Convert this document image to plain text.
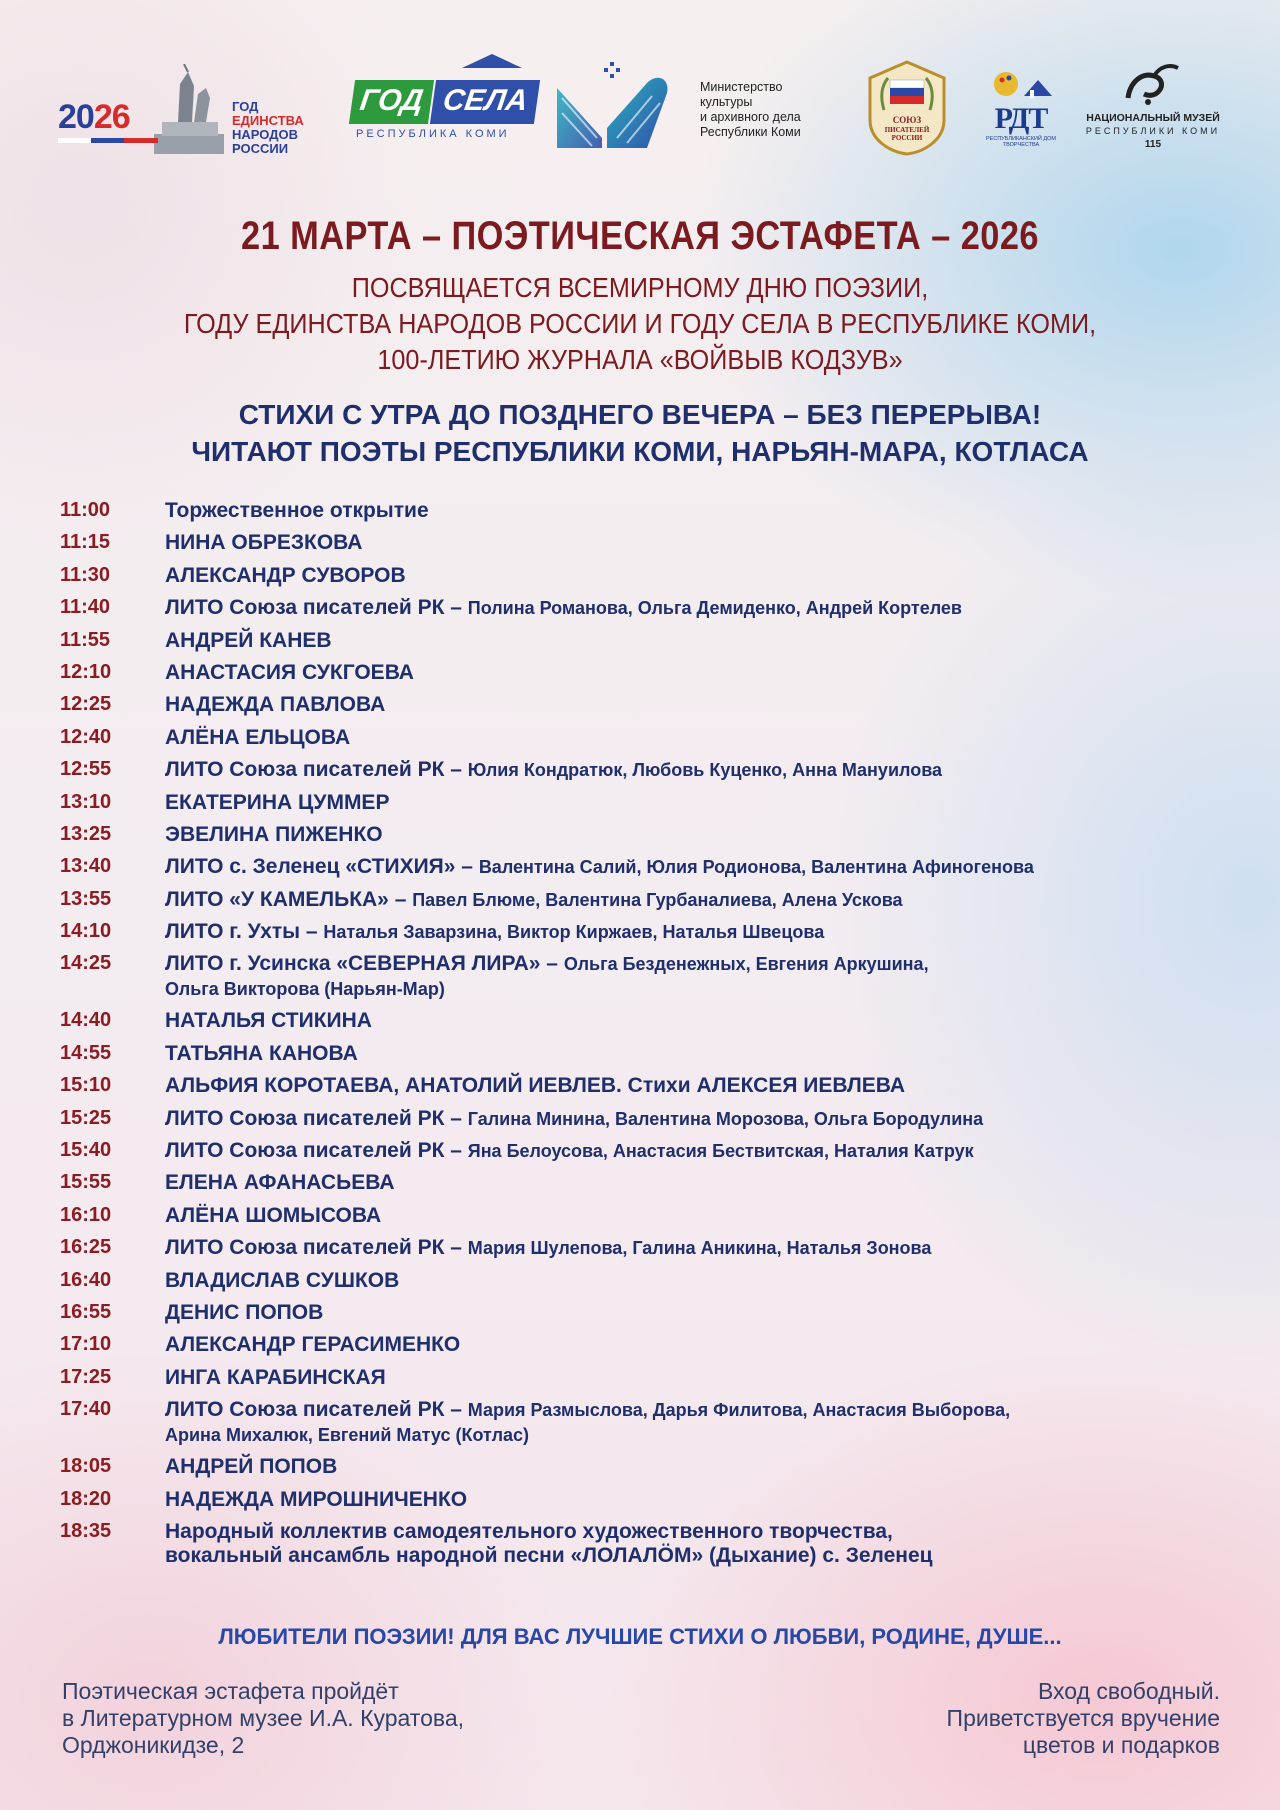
2026	ГОД
ЕДИНСТВА
НАРОДОВ
РОССИИ
ГОД СЕЛА
РЕСПУБЛИКА КОМИ
Министерство
культуры
и архивного дела
Республики Коми
СОЮЗ
ПИСАТЕЛЕЙ
РОССИИ
РДТ
РЕСПУБЛИКАНСКИЙ ДОМ ТВОРЧЕСТВА
НАЦИОНАЛЬНЫЙ МУЗЕЙ
РЕСПУБЛИКИ КОМИ
115
21 МАРТА – ПОЭТИЧЕСКАЯ ЭСТАФЕТА – 2026
ПОСВЯЩАЕТСЯ ВСЕМИРНОМУ ДНЮ ПОЭЗИИ,
ГОДУ ЕДИНСТВА НАРОДОВ РОССИИ И ГОДУ СЕЛА В РЕСПУБЛИКЕ КОМИ,
100-ЛЕТИЮ ЖУРНАЛА «ВОЙВЫВ КОДЗУВ»
СТИХИ С УТРА ДО ПОЗДНЕГО ВЕЧЕРА – БЕЗ ПЕРЕРЫВА!
ЧИТАЮТ ПОЭТЫ РЕСПУБЛИКИ КОМИ, НАРЬЯН-МАРА, КОТЛАСА
11:00	Торжественное открытие
11:15	НИНА ОБРЕЗКОВА
11:30	АЛЕКСАНДР СУВОРОВ
11:40	ЛИТО Союза писателей РК – Полина Романова, Ольга Демиденко, Андрей Кортелев
11:55	АНДРЕЙ КАНЕВ
12:10	АНАСТАСИЯ СУКГОЕВА
12:25	НАДЕЖДА ПАВЛОВА
12:40	АЛЁНА ЕЛЬЦОВА
12:55	ЛИТО Союза писателей РК – Юлия Кондратюк, Любовь Куценко, Анна Мануилова
13:10	ЕКАТЕРИНА ЦУММЕР
13:25	ЭВЕЛИНА ПИЖЕНКО
13:40	ЛИТО с. Зеленец «СТИХИЯ» – Валентина Салий, Юлия Родионова, Валентина Афиногенова
13:55	ЛИТО «У КАМЕЛЬКА» – Павел Блюме, Валентина Гурбаналиева, Алена Ускова
14:10	ЛИТО г. Ухты – Наталья Заварзина, Виктор Киржаев, Наталья Швецова
14:25	ЛИТО г. Усинска «СЕВЕРНАЯ ЛИРА» – Ольга Безденежных, Евгения Аркушина,
Ольга Викторова (Нарьян-Мар)
14:40	НАТАЛЬЯ СТИКИНА
14:55	ТАТЬЯНА КАНОВА
15:10	АЛЬФИЯ КОРОТАЕВА, АНАТОЛИЙ ИЕВЛЕВ. Стихи АЛЕКСЕЯ ИЕВЛЕВА
15:25	ЛИТО Союза писателей РК – Галина Минина, Валентина Морозова, Ольга Бородулина
15:40	ЛИТО Союза писателей РК – Яна Белоусова, Анастасия Бествитская, Наталия Катрук
15:55	ЕЛЕНА АФАНАСЬЕВА
16:10	АЛЁНА ШОМЫСОВА
16:25	ЛИТО Союза писателей РК – Мария Шулепова, Галина Аникина, Наталья Зонова
16:40	ВЛАДИСЛАВ СУШКОВ
16:55	ДЕНИС ПОПОВ
17:10	АЛЕКСАНДР ГЕРАСИМЕНКО
17:25	ИНГА КАРАБИНСКАЯ
17:40	ЛИТО Союза писателей РК – Мария Размыслова, Дарья Филитова, Анастасия Выборова,
Арина Михалюк, Евгений Матус (Котлас)
18:05	АНДРЕЙ ПОПОВ
18:20	НАДЕЖДА МИРОШНИЧЕНКО
18:35	Народный коллектив самодеятельного художественного творчества,
вокальный ансамбль народной песни «ЛОЛАЛÖМ» (Дыхание) с. Зеленец
ЛЮБИТЕЛИ ПОЭЗИИ! ДЛЯ ВАС ЛУЧШИЕ СТИХИ О ЛЮБВИ, РОДИНЕ, ДУШЕ...
Поэтическая эстафета пройдёт
в Литературном музее И.А. Куратова,
Орджоникидзе, 2
Вход свободный.
Приветствуется вручение
цветов и подарков
